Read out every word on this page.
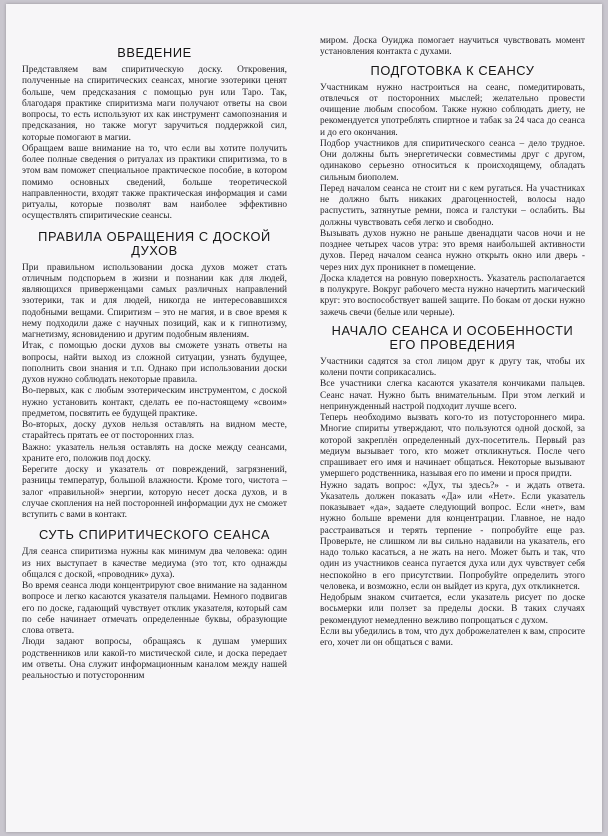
ВВЕДЕНИЕ

Представляем вам спиритическую доску. Откровения, полученные на спиритических сеансах, многие эзотерики ценят больше, чем предсказания с помощью рун или Таро. Так, благодаря практике спиритизма маги получают ответы на свои вопросы, то есть используют их как инструмент самопознания и предсказания, но также могут заручиться поддержкой сил, которые помогают в магии.

Обращаем ваше внимание на то, что если вы хотите получить более полные сведения о ритуалах из практики спиритизма, то в этом вам поможет специальное практическое пособие, в котором помимо основных сведений, больше теоретической направленности, входят также практическая информация и сами ритуалы, которые позволят вам наиболее эффективно осуществлять спиритические сеансы.

ПРАВИЛА ОБРАЩЕНИЯ С ДОСКОЙ ДУХОВ

При правильном использовании доска духов может стать отличным подспорьем в жизни и познании как для людей, являющихся приверженцами самых различных направлений эзотерики, так и для людей, никогда не интересовавшихся подобными вещами. Спиритизм – это не магия, и в свое время к нему подходили даже с научных позиций, как и к гипнотизму, магнетизму, ясновидению и другим подобным явлениям.

Итак, с помощью доски духов вы сможете узнать ответы на вопросы, найти выход из сложной ситуации, узнать будущее, пополнить свои знания и т.п. Однако при использовании доски духов нужно соблюдать некоторые правила.

Во-первых, как с любым эзотерическим инструментом, с доской нужно установить контакт, сделать ее по-настоящему «своим» предметом, посвятить ее будущей практике.

Во-вторых, доску духов нельзя оставлять на видном месте, старайтесь прятать ее от посторонних глаз.

Важно: указатель нельзя оставлять на доске между сеансами, храните его, положив под доску.

Берегите доску и указатель от повреждений, загрязнений, разницы температур, большой влажности. Кроме того, чистота – залог «правильной» энергии, которую несет доска духов, и в случае скопления на ней посторонней информации дух не сможет вступить с вами в контакт.

СУТЬ СПИРИТИЧЕСКОГО СЕАНСА

Для сеанса спиритизма нужны как минимум два человека: один из них выступает в качестве медиума (это тот, кто однажды общался с доской, «проводник» духа).

Во время сеанса люди концентрируют свое внимание на заданном вопросе и легко касаются указателя пальцами. Немного подвигав его по доске, гадающий чувствует отклик указателя, который сам по себе начинает отмечать определенные буквы, образующие слова ответа.

Люди задают вопросы, обращаясь к душам умерших родственников или какой-то мистической силе, и доска передает им ответы. Она служит информационным каналом между нашей реальностью и потусторонним

миром. Доска Оуиджа помогает научиться чувствовать момент установления контакта с духами.

ПОДГОТОВКА К СЕАНСУ

Участникам нужно настроиться на сеанс, помедитировать, отвлечься от посторонних мыслей; желательно провести очищение любым способом. Также нужно соблюдать диету, не рекомендуется употреблять спиртное и табак за 24 часа до сеанса и до его окончания.

Подбор участников для спиритического сеанса – дело трудное. Они должны быть энергетически совместимы друг с другом, одинаково серьезно относиться к происходящему, обладать сильным биополем.

Перед началом сеанса не стоит ни с кем ругаться. На участниках не должно быть никаких драгоценностей, волосы надо распустить, затянутые ремни, пояса и галстуки – ослабить. Вы должны чувствовать себя легко и свободно.

Вызывать духов нужно не раньше двенадцати часов ночи и не позднее четырех часов утра: это время наибольшей активности духов. Перед началом сеанса нужно открыть окно или дверь - через них дух проникнет в помещение.

Доска кладется на ровную поверхность. Указатель располагается в полукруге. Вокруг рабочего места нужно начертить магический круг: это воспособствует вашей защите. По бокам от доски нужно зажечь свечи (белые или черные).

НАЧАЛО СЕАНСА И ОСОБЕННОСТИ ЕГО ПРОВЕДЕНИЯ

Участники садятся за стол лицом друг к другу так, чтобы их колени почти соприкасались.

Все участники слегка касаются указателя кончиками пальцев. Сеанс начат. Нужно быть внимательным. При этом легкий и непринужденный настрой подходит лучше всего.

Теперь необходимо вызвать кого-то из потустороннего мира. Многие спириты утверждают, что пользуются одной доской, за которой закреплён определенный дух-посетитель. Первый раз медиум вызывает того, кто может откликнуться. После чего спрашивает его имя и начинает общаться. Некоторые вызывают умершего родственника, называя его по имени и прося придти.

Нужно задать вопрос: «Дух, ты здесь?» - и ждать ответа. Указатель должен показать «Да» или «Нет». Если указатель показывает «да», задаете следующий вопрос. Если «нет», вам нужно больше времени для концентрации. Главное, не надо расстраиваться и терять терпение - попробуйте еще раз. Проверьте, не слишком ли вы сильно надавили на указатель, его надо только касаться, а не жать на него. Может быть и так, что один из участников сеанса пугается духа или дух чувствует себя неспокойно в его присутствии. Попробуйте определить этого человека, и возможно, если он выйдет из круга, дух откликнется.

Недобрым знаком считается, если указатель рисует по доске восьмерки или ползет за пределы доски. В таких случаях рекомендуют немедленно вежливо попрощаться с духом.

Если вы убедились в том, что дух доброжелателен к вам, спросите его, хочет ли он общаться с вами.
